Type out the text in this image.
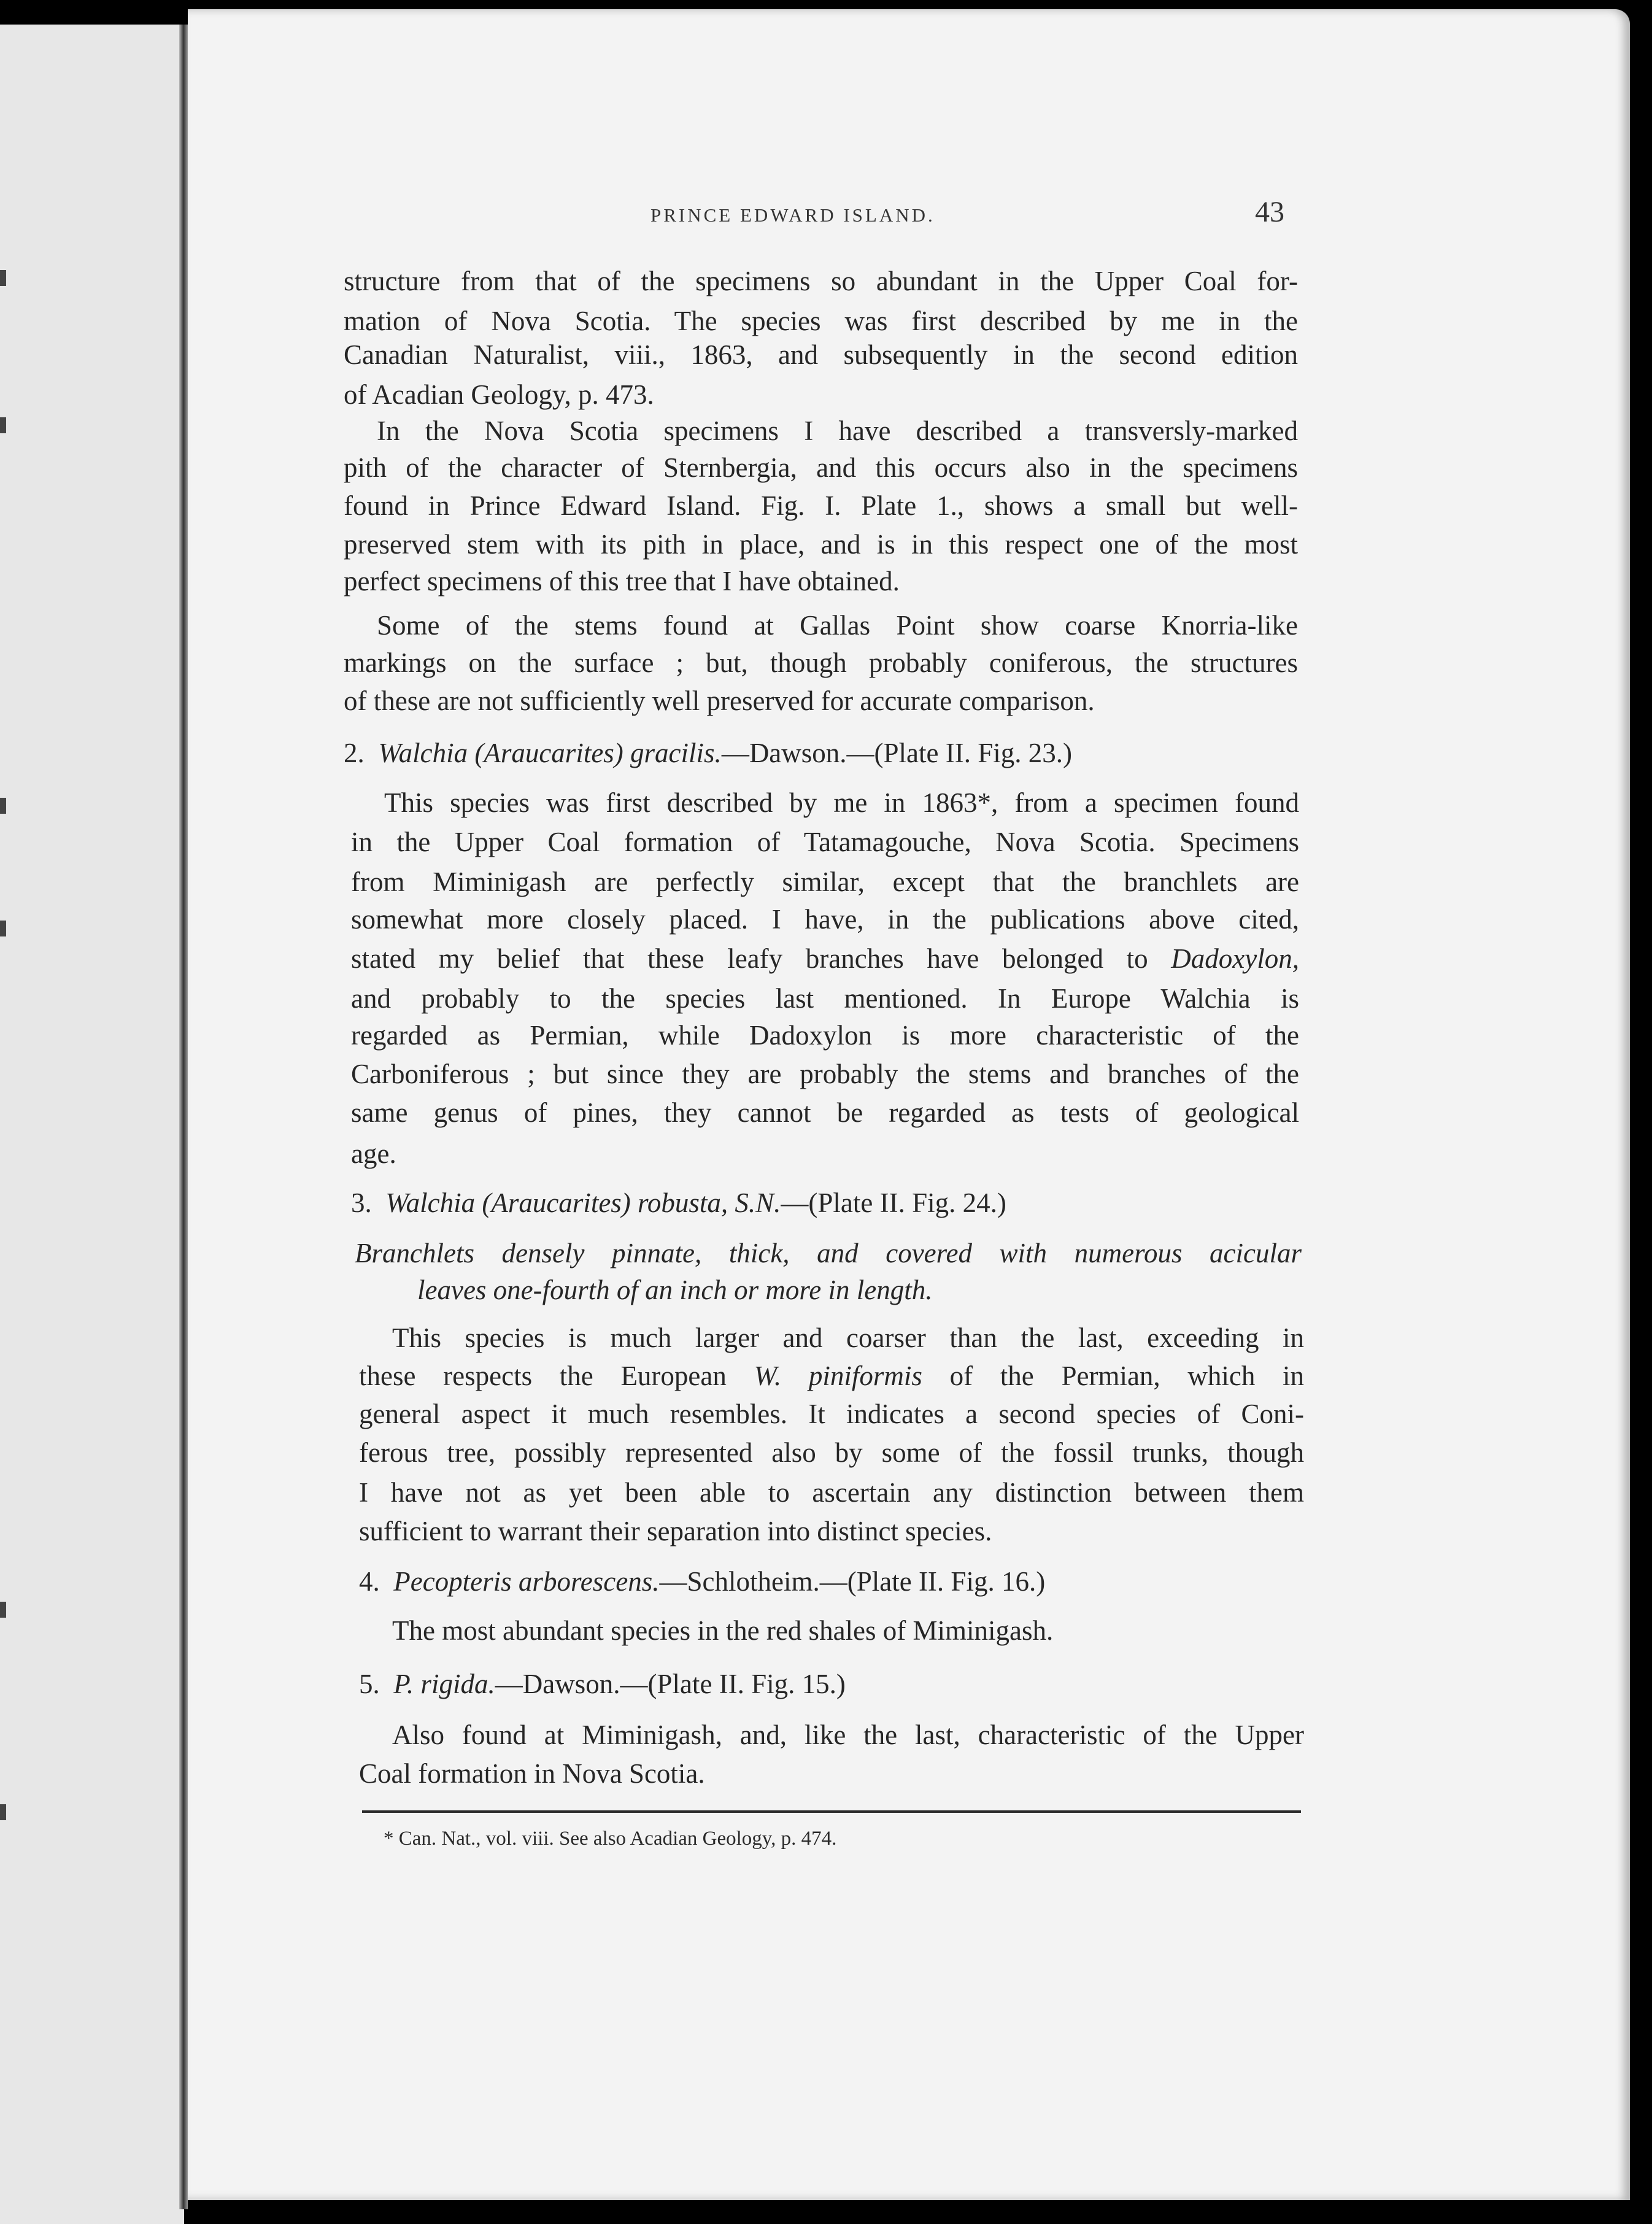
PRINCE EDWARD ISLAND.	43
structure from that of the specimens so abundant in the Upper Coal for-
mation of Nova Scotia. The species was first described by me in the
Canadian Naturalist, viii., 1863, and subsequently in the second edition
of Acadian Geology, p. 473.
In the Nova Scotia specimens I have described a transversly-marked
pith of the character of Sternbergia, and this occurs also in the specimens
found in Prince Edward Island. Fig. I. Plate 1., shows a small but well-
preserved stem with its pith in place, and is in this respect one of the most
perfect specimens of this tree that I have obtained.
Some of the stems found at Gallas Point show coarse Knorria-like
markings on the surface ; but, though probably coniferous, the structures
of these are not sufficiently well preserved for accurate comparison.
2. Walchia (Araucarites) gracilis.—Dawson.—(Plate II. Fig. 23.)
This species was first described by me in 1863*, from a specimen found
in the Upper Coal formation of Tatamagouche, Nova Scotia. Specimens
from Miminigash are perfectly similar, except that the branchlets are
somewhat more closely placed. I have, in the publications above cited,
stated my belief that these leafy branches have belonged to Dadoxylon,
and probably to the species last mentioned. In Europe Walchia is
regarded as Permian, while Dadoxylon is more characteristic of the
Carboniferous ; but since they are probably the stems and branches of the
same genus of pines, they cannot be regarded as tests of geological
age.
3. Walchia (Araucarites) robusta, S.N.—(Plate II. Fig. 24.)
Branchlets densely pinnate, thick, and covered with numerous acicular
leaves one-fourth of an inch or more in length.
This species is much larger and coarser than the last, exceeding in
these respects the European W. piniformis of the Permian, which in
general aspect it much resembles. It indicates a second species of Coni-
ferous tree, possibly represented also by some of the fossil trunks, though
I have not as yet been able to ascertain any distinction between them
sufficient to warrant their separation into distinct species.
4. Pecopteris arborescens.—Schlotheim.—(Plate II. Fig. 16.)
The most abundant species in the red shales of Miminigash.
5. P. rigida.—Dawson.—(Plate II. Fig. 15.)
Also found at Miminigash, and, like the last, characteristic of the Upper
Coal formation in Nova Scotia.
* Can. Nat., vol. viii. See also Acadian Geology, p. 474.
